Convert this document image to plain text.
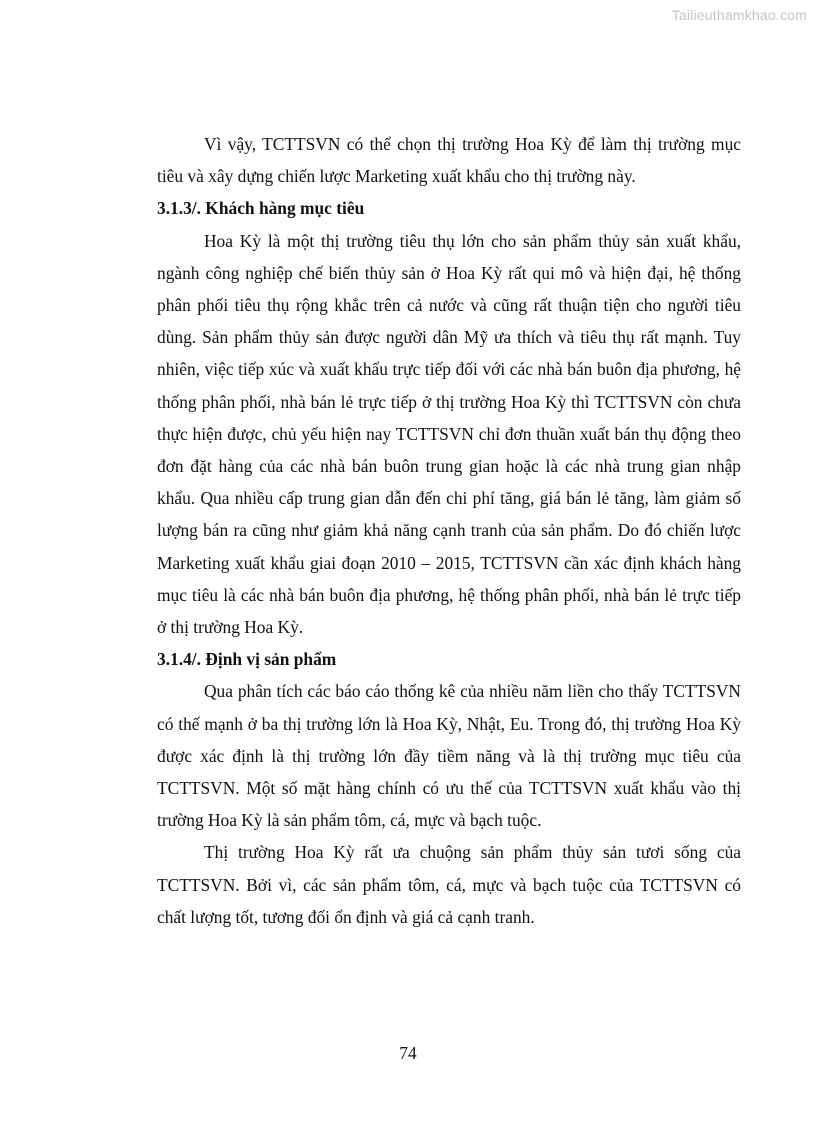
Tailieuthamkhao.com

Vì vậy, TCTTSVN có thể chọn thị trường Hoa Kỳ để làm thị trường mục tiêu và xây dựng chiến lược Marketing xuất khẩu cho thị trường này.

3.1.3/. Khách hàng mục tiêu

Hoa Kỳ là một thị trường tiêu thụ lớn cho sản phẩm thủy sản xuất khẩu, ngành công nghiệp chế biến thủy sản ở Hoa Kỳ rất qui mô và hiện đại, hệ thống phân phối tiêu thụ rộng khắc trên cả nước và cũng rất thuận tiện cho người tiêu dùng. Sản phẩm thủy sản được người dân Mỹ ưa thích và tiêu thụ rất mạnh. Tuy nhiên, việc tiếp xúc và xuất khẩu trực tiếp đối với các nhà bán buôn địa phương, hệ thống phân phối, nhà bán lẻ trực tiếp ở thị trường Hoa Kỳ thì TCTTSVN còn chưa thực hiện được, chủ yếu hiện nay TCTTSVN chỉ đơn thuần xuất bán thụ động theo đơn đặt hàng của các nhà bán buôn trung gian hoặc là các nhà trung gian nhập khẩu. Qua nhiều cấp trung gian dẫn đến chi phí tăng, giá bán lẻ tăng, làm giảm số lượng bán ra cũng như giảm khả năng cạnh tranh của sản phẩm. Do đó chiến lược Marketing xuất khẩu giai đoạn 2010 – 2015, TCTTSVN cần xác định khách hàng mục tiêu là các nhà bán buôn địa phương, hệ thống phân phối, nhà bán lẻ trực tiếp ở thị trường Hoa Kỳ.

3.1.4/. Định vị sản phẩm

Qua phân tích các báo cáo thống kê của nhiều năm liền cho thấy TCTTSVN có thế mạnh ở ba thị trường lớn là Hoa Kỳ, Nhật, Eu. Trong đó, thị trường Hoa Kỳ được xác định là thị trường lớn đầy tiềm năng và là thị trường mục tiêu của TCTTSVN. Một số mặt hàng chính có ưu thế của TCTTSVN xuất khẩu vào thị trường Hoa Kỳ là sản phẩm tôm, cá, mực và bạch tuộc.

Thị trường Hoa Kỳ rất ưa chuộng sản phẩm thủy sản tươi sống của TCTTSVN. Bởi vì, các sản phẩm tôm, cá, mực và bạch tuộc của TCTTSVN có chất lượng tốt, tương đối ổn định và giá cả cạnh tranh.

74
